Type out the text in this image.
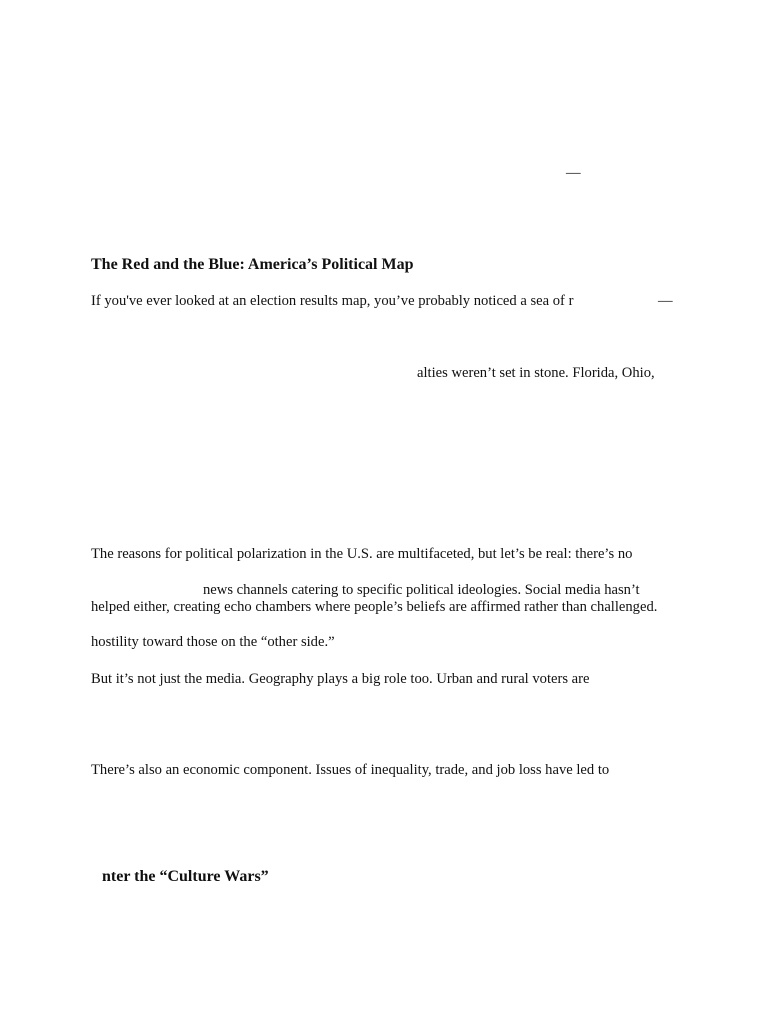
—
The Red and the Blue: America’s Political Map
If you've ever looked at an election results map, you’ve probably noticed a sea of r	—
alties weren’t set in stone. Florida, Ohio,
The reasons for political polarization in the U.S. are multifaceted, but let’s be real: there’s no
news channels catering to specific political ideologies. Social media hasn’t
helped either, creating echo chambers where people’s beliefs are affirmed rather than challenged.
hostility toward those on the “other side.”
But it’s not just the media. Geography plays a big role too. Urban and rural voters are
There’s also an economic component. Issues of inequality, trade, and job loss have led to
nter the “Culture Wars”
